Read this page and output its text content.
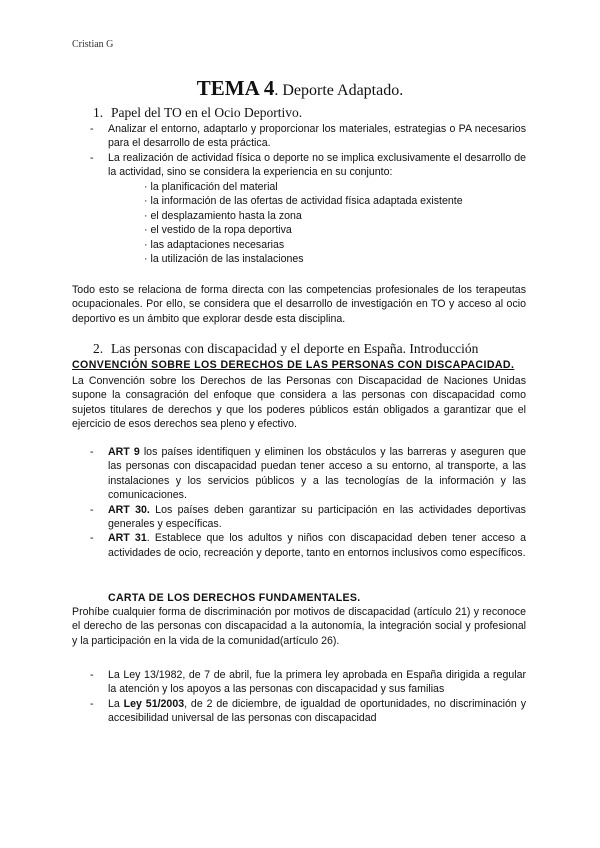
Cristian G
TEMA 4. Deporte Adaptado.
1. Papel del TO en el Ocio Deportivo.
- Analizar el entorno, adaptarlo y proporcionar los materiales, estrategias o PA necesarios para el desarrollo de esta práctica.
- La realización de actividad física o deporte no se implica exclusivamente el desarrollo de la actividad, sino se considera la experiencia en su conjunto:
· la planificación del material
· la información de las ofertas de actividad física adaptada existente
· el desplazamiento hasta la zona
· el vestido de la ropa deportiva
· las adaptaciones necesarias
· la utilización de las instalaciones
Todo esto se relaciona de forma directa con las competencias profesionales de los terapeutas ocupacionales. Por ello, se considera que el desarrollo de investigación en TO y acceso al ocio deportivo es un ámbito que explorar desde esta disciplina.
2. Las personas con discapacidad y el deporte en España. Introducción
CONVENCIÓN SOBRE LOS DERECHOS DE LAS PERSONAS CON DISCAPACIDAD.
La Convención sobre los Derechos de las Personas con Discapacidad de Naciones Unidas supone la consagración del enfoque que considera a las personas con discapacidad como sujetos titulares de derechos y que los poderes públicos están obligados a garantizar que el ejercicio de esos derechos sea pleno y efectivo.
- ART 9 los países identifiquen y eliminen los obstáculos y las barreras y aseguren que las personas con discapacidad puedan tener acceso a su entorno, al transporte, a las instalaciones y los servicios públicos y a las tecnologías de la información y las comunicaciones.
- ART 30. Los países deben garantizar su participación en las actividades deportivas generales y específicas.
- ART 31. Establece que los adultos y niños con discapacidad deben tener acceso a actividades de ocio, recreación y deporte, tanto en entornos inclusivos como específicos.
CARTA DE LOS DERECHOS FUNDAMENTALES.
Prohíbe cualquier forma de discriminación por motivos de discapacidad (artículo 21) y reconoce el derecho de las personas con discapacidad a la autonomía, la integración social y profesional y la participación en la vida de la comunidad(artículo 26).
- La Ley 13/1982, de 7 de abril, fue la primera ley aprobada en España dirigida a regular la atención y los apoyos a las personas con discapacidad y sus familias
- La Ley 51/2003, de 2 de diciembre, de igualdad de oportunidades, no discriminación y accesibilidad universal de las personas con discapacidad
